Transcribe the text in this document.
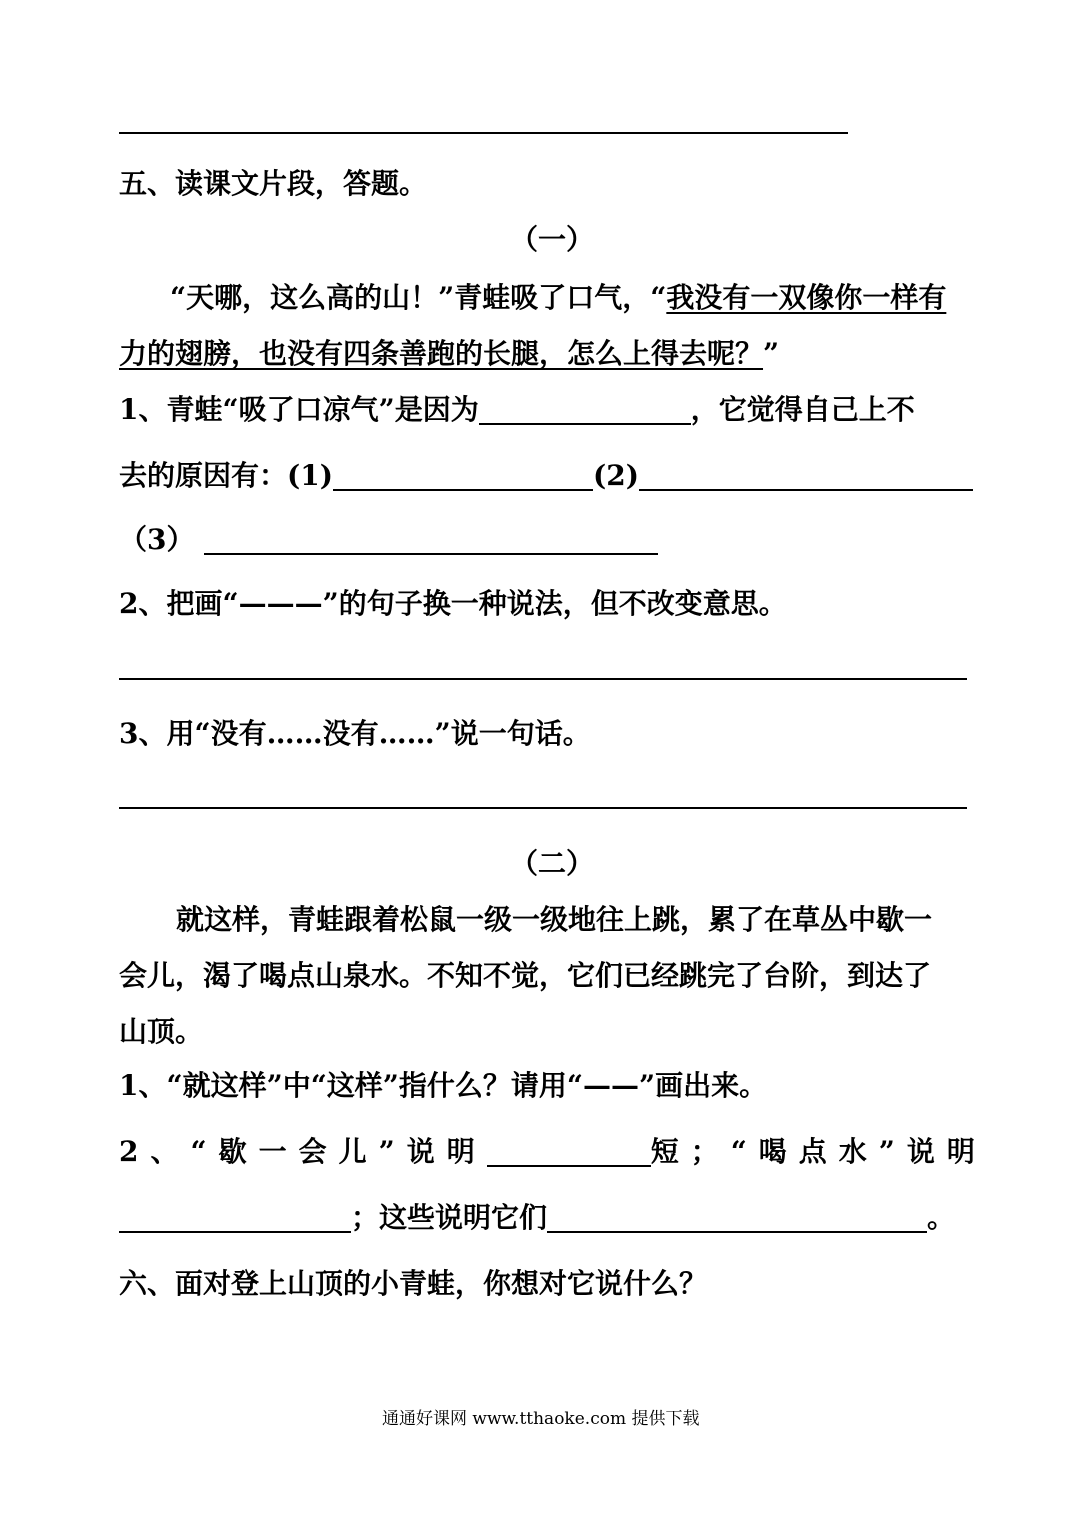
五、读课文片段，答题。
（一）
“天哪，这么高的山！”青蛙吸了口气，“我没有一双像你一样有
力的翅膀，也没有四条善跑的长腿，怎么上得去呢？”
1、青蛙“吸了口凉气”是因为	，它觉得自己上不
去的原因有：(1)	(2)
（3）
2、把画“———”的句子换一种说法，但不改变意思。
3、用“没有……没有……”说一句话。
（二）
就这样，青蛙跟着松鼠一级一级地往上跳，累了在草丛中歇一
会儿，渴了喝点山泉水。不知不觉，它们已经跳完了台阶，到达了
山顶。
1、“就这样”中“这样”指什么？请用“——”画出来。
2、“歇一会儿”说明	短；“喝点水”说明
；这些说明它们	。
六、面对登上山顶的小青蛙，你想对它说什么？
通通好课网 www.tthaoke.com 提供下载
